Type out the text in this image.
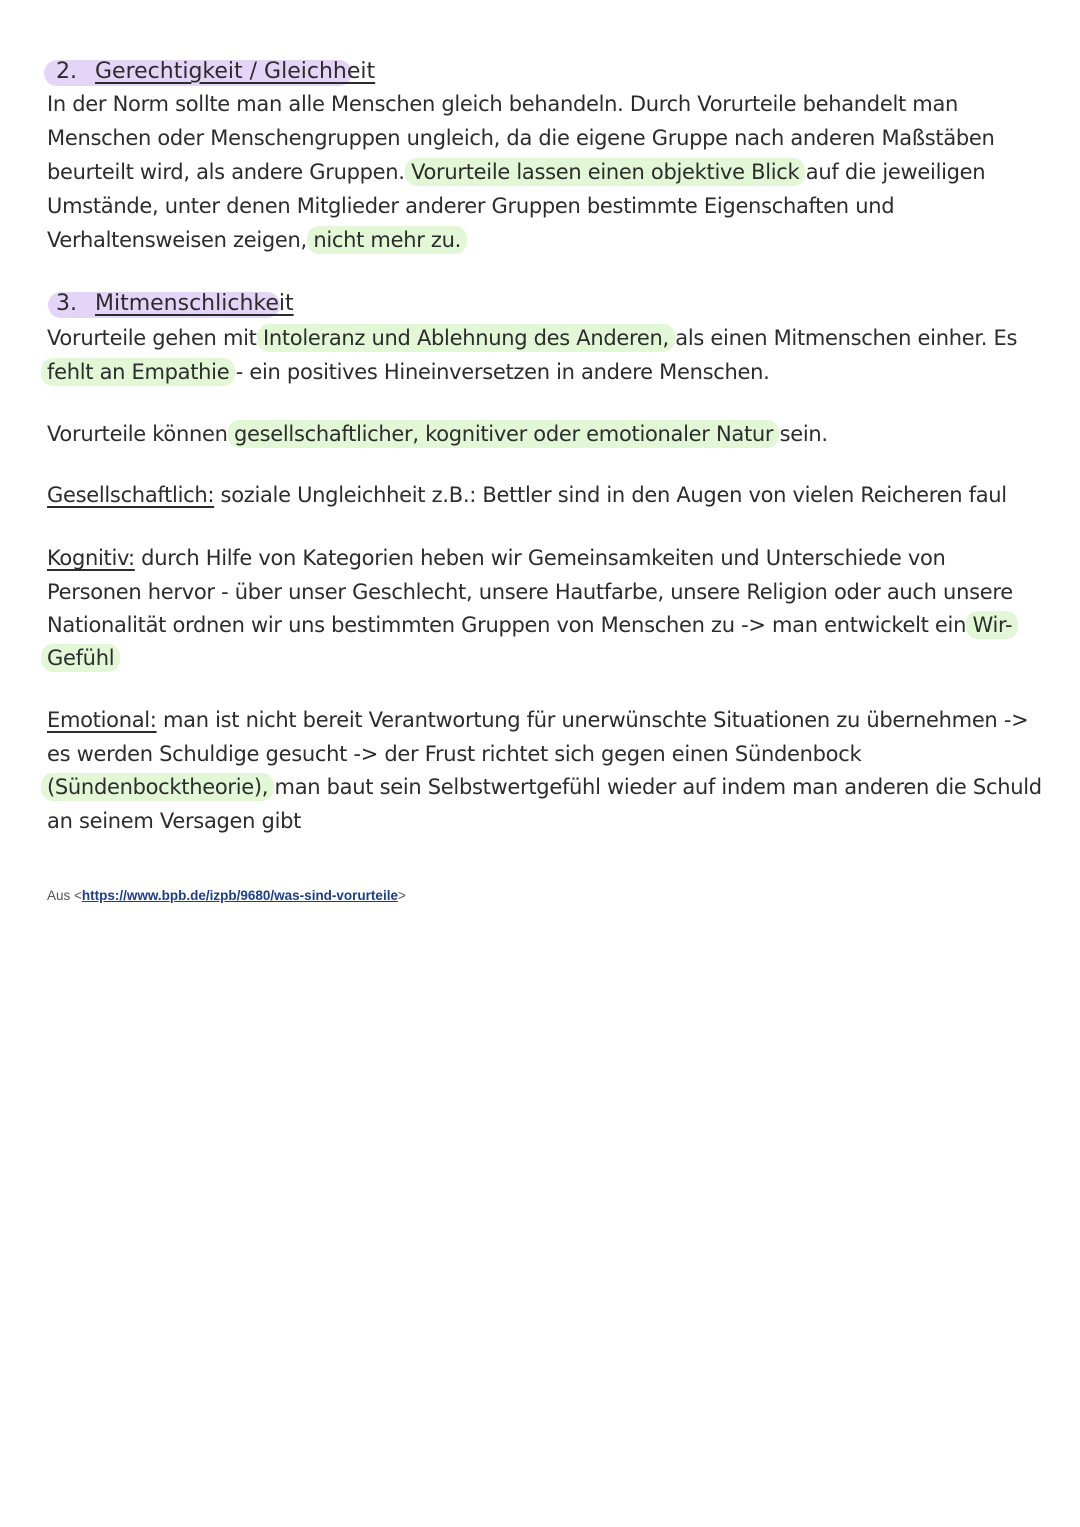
2. Gerechtigkeit / Gleichheit
In der Norm sollte man alle Menschen gleich behandeln. Durch Vorurteile behandelt man
Menschen oder Menschengruppen ungleich, da die eigene Gruppe nach anderen Maßstäben
beurteilt wird, als andere Gruppen. Vorurteile lassen einen objektive Blick auf die jeweiligen
Umstände, unter denen Mitglieder anderer Gruppen bestimmte Eigenschaften und
Verhaltensweisen zeigen, nicht mehr zu.
3. Mitmenschlichkeit
Vorurteile gehen mit Intoleranz und Ablehnung des Anderen, als einen Mitmenschen einher. Es
fehlt an Empathie - ein positives Hineinversetzen in andere Menschen.
Vorurteile können gesellschaftlicher, kognitiver oder emotionaler Natur sein.
Gesellschaftlich: soziale Ungleichheit z.B.: Bettler sind in den Augen von vielen Reicheren faul
Kognitiv: durch Hilfe von Kategorien heben wir Gemeinsamkeiten und Unterschiede von
Personen hervor - über unser Geschlecht, unsere Hautfarbe, unsere Religion oder auch unsere
Nationalität ordnen wir uns bestimmten Gruppen von Menschen zu -> man entwickelt ein Wir-
Gefühl
Emotional: man ist nicht bereit Verantwortung für unerwünschte Situationen zu übernehmen ->
es werden Schuldige gesucht -> der Frust richtet sich gegen einen Sündenbock
(Sündenbocktheorie), man baut sein Selbstwertgefühl wieder auf indem man anderen die Schuld
an seinem Versagen gibt
Aus <https://www.bpb.de/izpb/9680/was-sind-vorurteile>
